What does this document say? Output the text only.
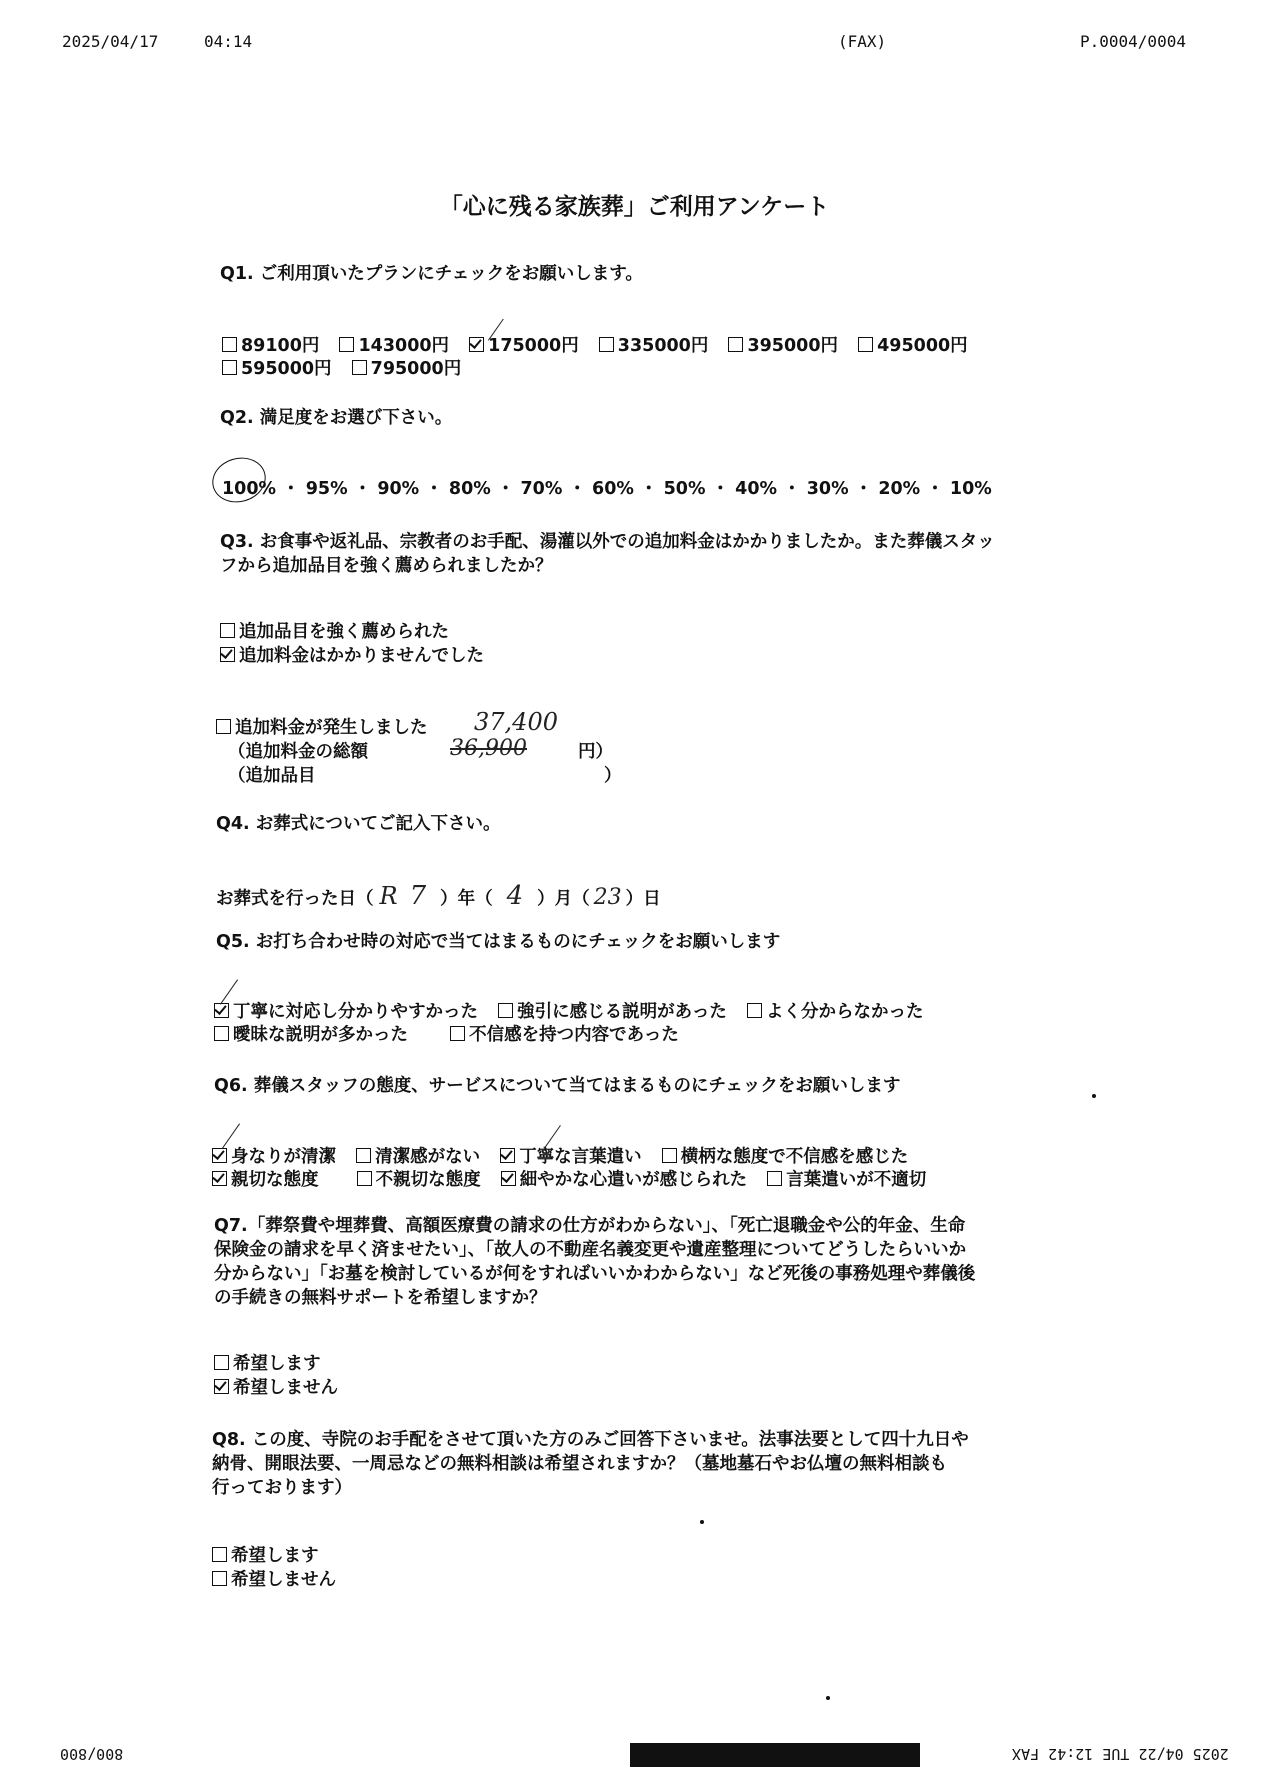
2025/04/17	04:14	(FAX)	P.0004/0004
「心に残る家族葬」ご利用アンケート
Q1. ご利用頂いたプランにチェックをお願いします。
89100円 143000円 175000円 335000円 395000円 495000円
595000円 795000円
Q2. 満足度をお選び下さい。
100% ・ 95% ・ 90% ・ 80% ・ 70% ・ 60% ・ 50% ・ 40% ・ 30% ・ 20% ・ 10%
Q3. お食事や返礼品、宗教者のお手配、湯灌以外での追加料金はかかりましたか。また葬儀スタッ
フから追加品目を強く薦められましたか？
追加品目を強く薦められた
追加料金はかかりませんでした
追加料金が発生しました
（追加料金の総額	円）
（追加品目	）
37,400
36,900
Q4. お葬式についてご記入下さい。
お葬式を行った日（ R 7 ）年（ 4 ）月（ 23 ）日
Q5. お打ち合わせ時の対応で当てはまるものにチェックをお願いします
丁寧に対応し分かりやすかった 強引に感じる説明があった よく分からなかった
曖昧な説明が多かった	不信感を持つ内容であった
Q6. 葬儀スタッフの態度、サービスについて当てはまるものにチェックをお願いします
身なりが清潔 清潔感がない 丁寧な言葉遣い 横柄な態度で不信感を感じた
親切な態度	不親切な態度 細やかな心遣いが感じられた 言葉遣いが不適切
Q7.「葬祭費や埋葬費、高額医療費の請求の仕方がわからない」、「死亡退職金や公的年金、生命
保険金の請求を早く済ませたい」、「故人の不動産名義変更や遺産整理についてどうしたらいいか
分からない」「お墓を検討しているが何をすればいいかわからない」など死後の事務処理や葬儀後
の手続きの無料サポートを希望しますか？
希望します
希望しません
Q8. この度、寺院のお手配をさせて頂いた方のみご回答下さいませ。法事法要として四十九日や
納骨、開眼法要、一周忌などの無料相談は希望されますか？（墓地墓石やお仏壇の無料相談も
行っております）
希望します
希望しません
800/800	2025 04/22 TUE 12:42 FAX
